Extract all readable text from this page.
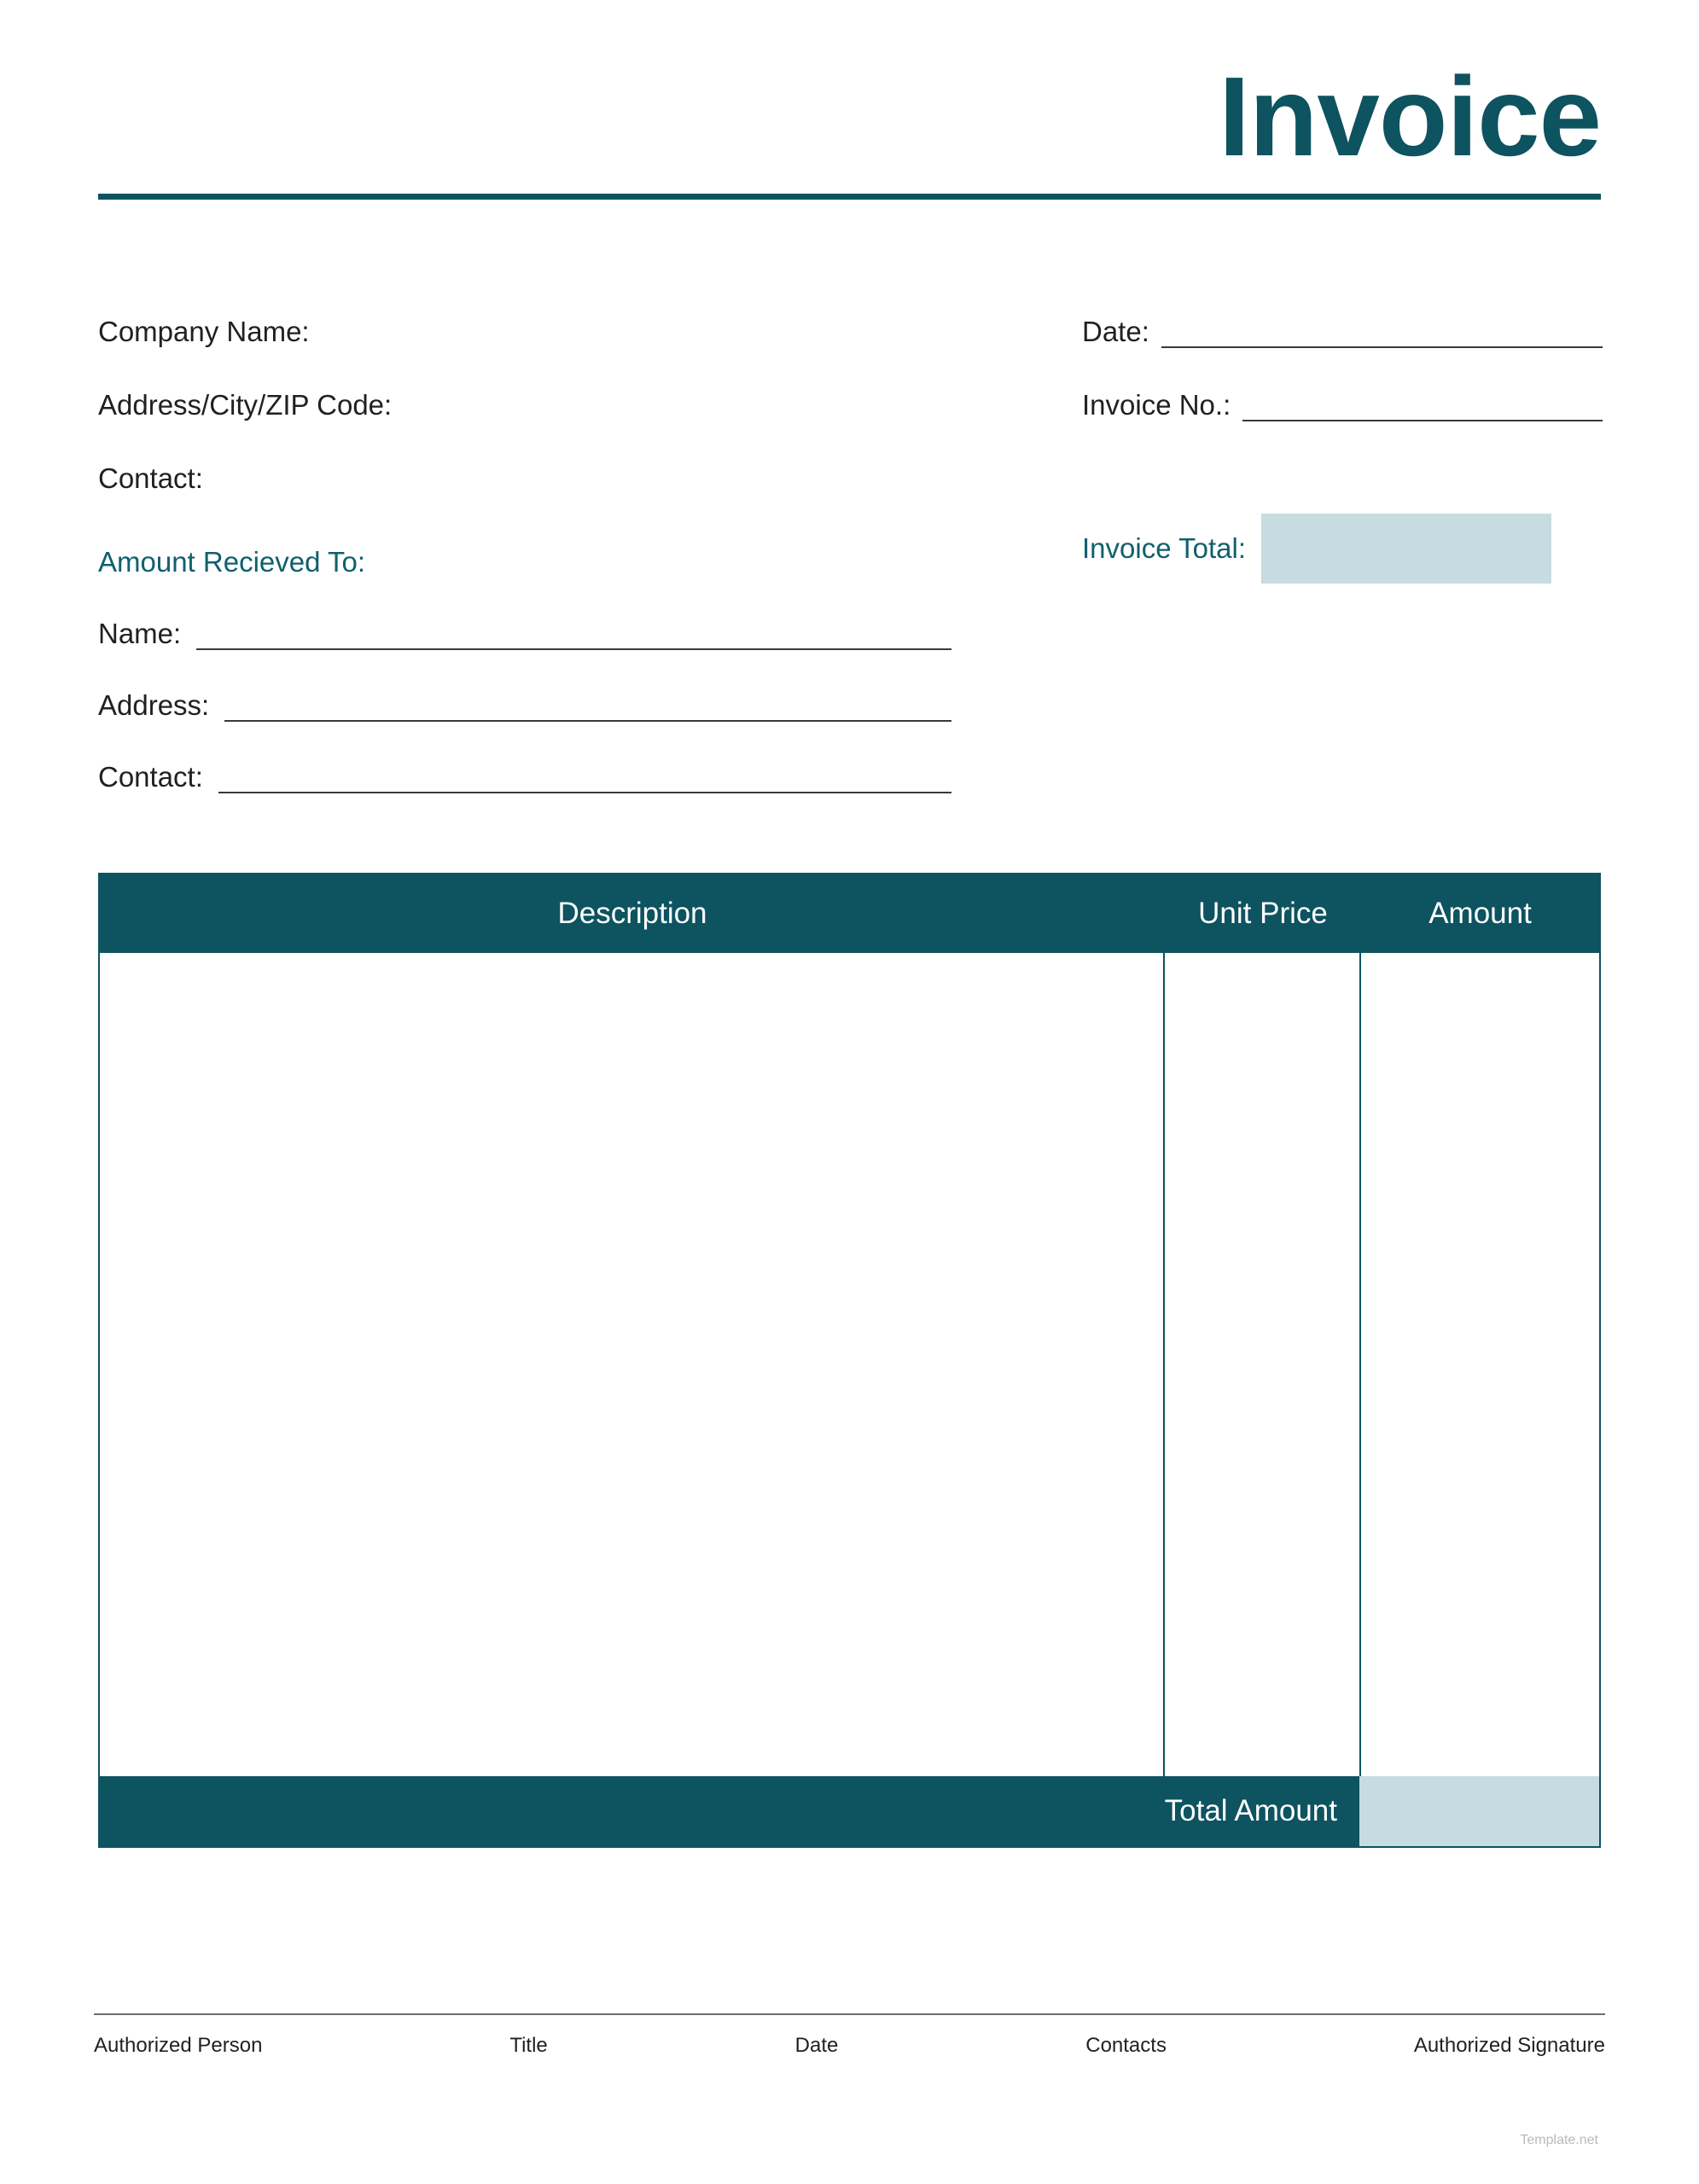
Invoice
Company Name:
Address/City/ZIP Code:
Contact:
Amount Recieved To:
Name:
Address:
Contact:
Date:
Invoice No.:
Invoice Total:
Description	Unit Price	Amount
Total Amount
Authorized Person	Title	Date	Contacts	Authorized Signature
Template.net
